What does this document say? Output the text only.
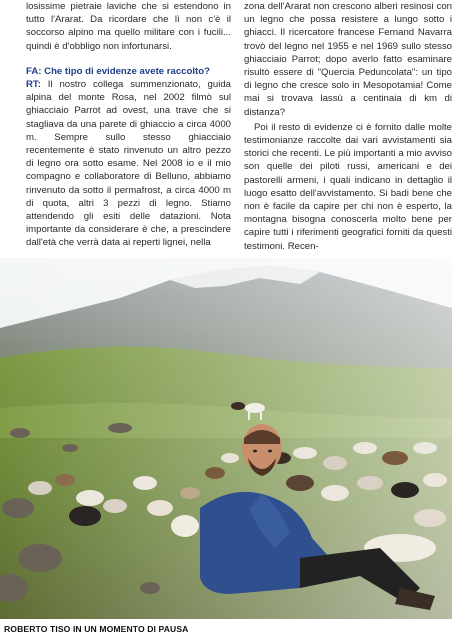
losissime pietraie laviche che si estendono in tutto l'Ararat. Da ricordare che lì non c'è il soccorso alpino ma quello militare con i fucili... quindi è d'obbligo non infortunarsi.

FA: Che tipo di evidenze avete raccolto?

RT: Il nostro collega summenzionato, guida alpina del monte Rosa, nel 2002 filmò sul ghiacciaio Parrot ad ovest, una trave che si stagliava da una parete di ghiaccio a circa 4000 m. Sempre sullo stesso ghiacciaio recentemente è stato rinvenuto un altro pezzo di legno ora sotto esame. Nel 2008 io e il mio compagno e collaboratore di Belluno, abbiamo rinvenuto da sotto il permafrost, a circa 4000 m di quota, altri 3 pezzi di legno. Stiamo attendendo gli esiti delle datazioni. Nota importante da considerare è che, a prescindere dall'età che verrà data ai reperti lignei, nella

zona dell'Ararat non crescono alberi resinosi con un legno che possa resistere a lungo sotto i ghiacci. Il ricercatore francese Fernand Navarra trovò del legno nel 1955 e nel 1969 sullo stesso ghiacciaio Parrot; dopo averlo fatto esaminare risultò essere di "Quercia Peduncolata": un tipo di legno che cresce solo in Mesopotamia! Come mai si trovava lassù a centinaia di km di distanza?

Poi il resto di evidenze ci è fornito dalle molte testimonianze raccolte dai vari avvistamenti sia storici che recenti. Le più importanti a mio avviso son quelle dei piloti russi, americani e dei pastorelli armeni, i quali indicano in dettaglio il luogo esatto dell'avvistamento. Si badi bene che non è facile da capire per chi non è esperto, la montagna bisogna conoscerla molto bene per capire tutti i riferimenti geografici forniti da questi testimoni. Recen-

ROBERTO TISO IN UN MOMENTO DI PAUSA
